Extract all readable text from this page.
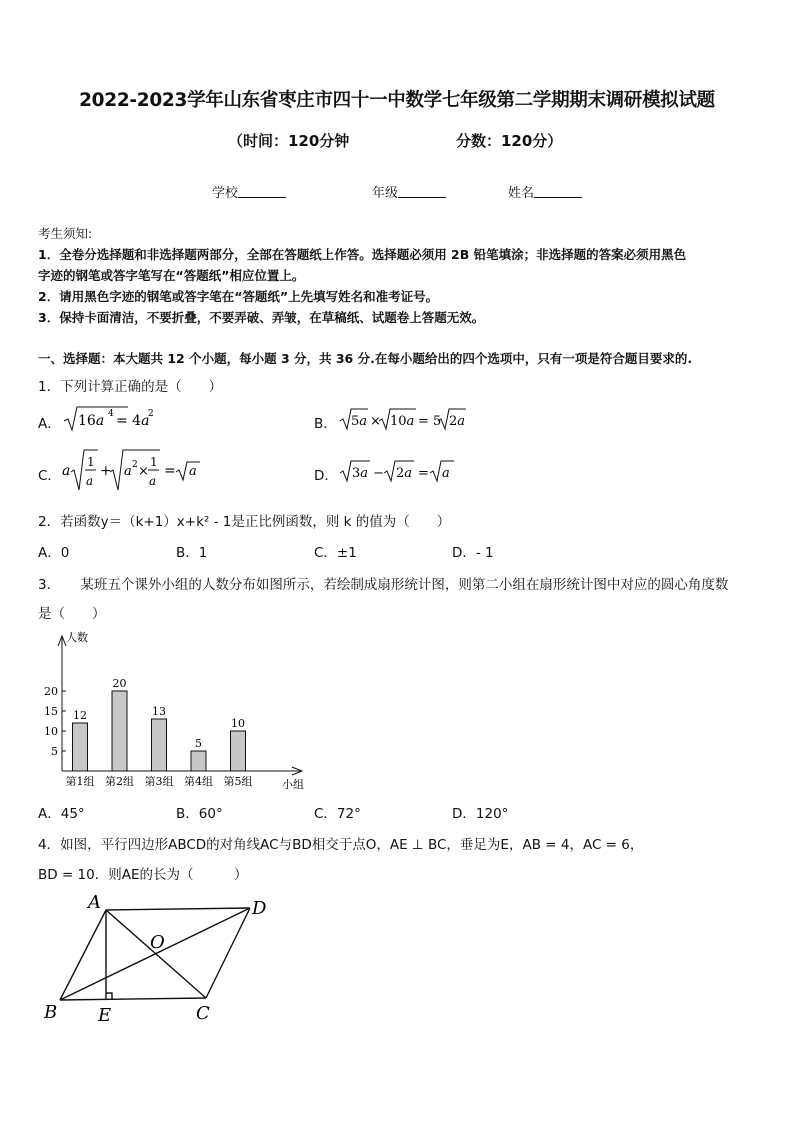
2022-2023学年山东省枣庄市四十一中数学七年级第二学期期末调研模拟试题
（时间：120分钟	分数：120分）
学校	年级	姓名
考生须知:
1．全卷分选择题和非选择题两部分，全部在答题纸上作答。选择题必须用 2B 铅笔填涂；非选择题的答案必须用黑色
字迹的钢笔或答字笔写在“答题纸”相应位置上。
2．请用黑色字迹的钢笔或答字笔在“答题纸”上先填写姓名和准考证号。
3．保持卡面清洁，不要折叠，不要弄破、弄皱，在草稿纸、试题卷上答题无效。
一、选择题：本大题共 12 个小题，每小题 3 分，共 36 分.在每小题给出的四个选项中，只有一项是符合题目要求的.
1．下列计算正确的是（　　）
A． 16a 4 = 4a
2
B． 5a × 10a = 5 2a
C． a
1
a
+ a 2 ×
1
a
= a	D． 3a − 2a = a
2．若函数y＝（k+1）x+k² - 1是正比例函数，则 k 的值为（　　）
A．0	B．1	C．±1	D．- 1
3．　　某班五个课外小组的人数分布如图所示，若绘制成扇形统计图，则第二小组在扇形统计图中对应的圆心角度数
是（　　）
人数
小组
5
10
15
20
12
第1组
20
第2组
13
第3组
5
第4组
10
第5组
A．45°	B．60°	C．72°	D．120°
4．如图，平行四边形ABCD的对角线AC与BD相交于点O，AE ⊥ BC，垂足为E，AB = 4，AC = 6，
BD = 10．则AE的长为（　　　）
A	D
B E	C
O
